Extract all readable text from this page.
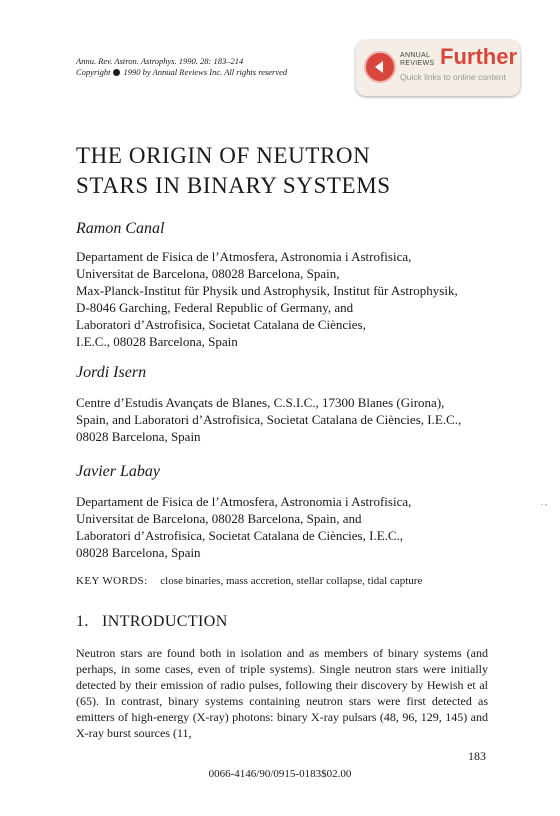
Annu. Rev. Astron. Astrophys. 1990. 28: 183–214
Copyright 1990 by Annual Reviews Inc. All rights reserved
ANNUAL
REVIEWS Further
Quick links to online content
THE ORIGIN OF NEUTRON
STARS IN BINARY SYSTEMS
Ramon Canal
Departament de Fisica de l’Atmosfera, Astronomia i Astrofisica,
Universitat de Barcelona, 08028 Barcelona, Spain,
Max-Planck-Institut für Physik und Astrophysik, Institut für Astrophysik,
D-8046 Garching, Federal Republic of Germany, and
Laboratori d’Astrofisica, Societat Catalana de Ciències,
I.E.C., 08028 Barcelona, Spain
Jordi Isern
Centre d’Estudis Avançats de Blanes, C.S.I.C., 17300 Blanes (Girona),
Spain, and Laboratori d’Astrofisica, Societat Catalana de Ciències, I.E.C.,
08028 Barcelona, Spain
Javier Labay
Departament de Fisica de l’Atmosfera, Astronomia i Astrofisica,
Universitat de Barcelona, 08028 Barcelona, Spain, and
Laboratori d’Astrofisica, Societat Catalana de Ciències, I.E.C.,
08028 Barcelona, Spain
. ,
KEY WORDS: close binaries, mass accretion, stellar collapse, tidal capture
1.   INTRODUCTION
Neutron stars are found both in isolation and as members of binary systems (and perhaps, in some cases, even of triple systems). Single neutron stars were initially detected by their emission of radio pulses, following their discovery by Hewish et al (65). In contrast, binary systems containing neutron stars were first detected as emitters of high-energy (X-ray) photons: binary X-ray pulsars (48, 96, 129, 145) and X-ray burst sources (11,
183
0066-4146/90/0915-0183$02.00
